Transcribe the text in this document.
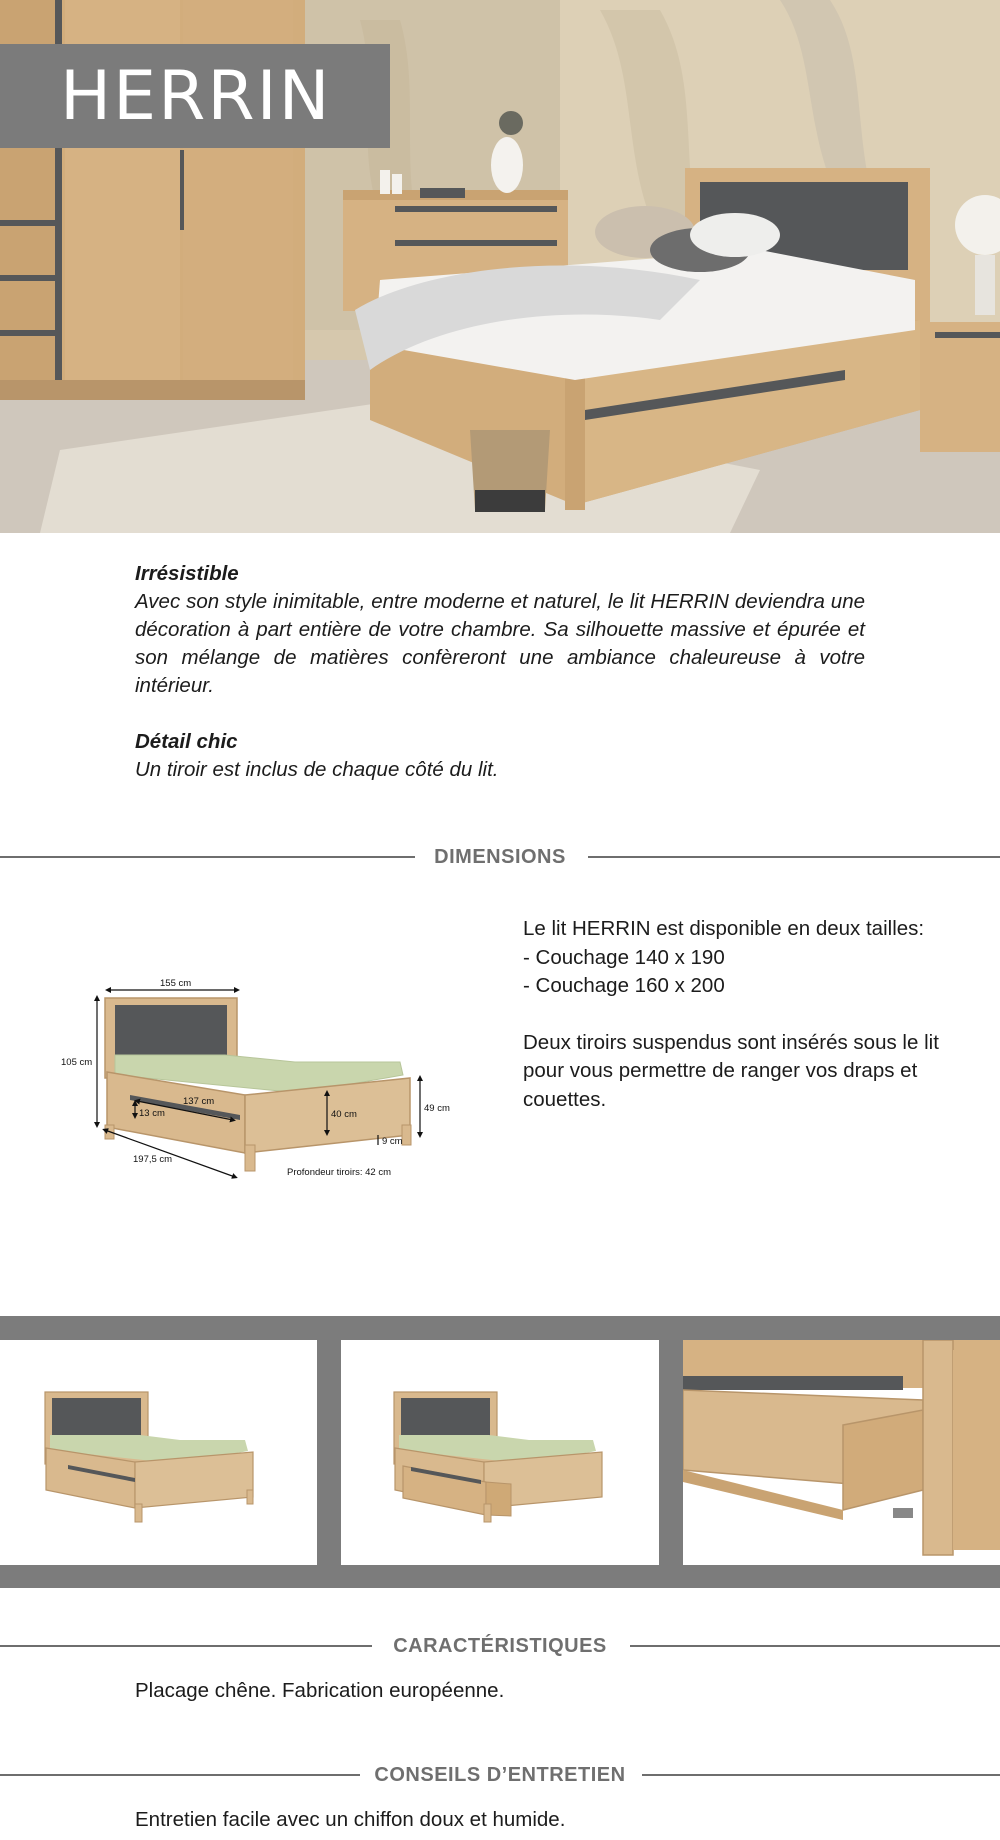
HERRIN
Irrésistible

Avec son style inimitable, entre moderne et naturel, le lit HERRIN deviendra une décoration à part entière de votre chambre. Sa silhouette massive et épurée et son mélange de matières confèreront une ambiance chaleureuse à votre intérieur.

Détail chic

Un tiroir est inclus de chaque côté du lit.

DIMENSIONS
155 cm
105 cm
197,5 cm
137 cm
13 cm	40 cm
49 cm
9 cm
Profondeur tiroirs: 42 cm
Le lit HERRIN est disponible en deux tailles:
- Couchage 140 x 190
- Couchage 160 x 200
Deux tiroirs suspendus sont insérés sous le lit pour vous permettre de ranger vos draps et couettes.
CARACTÉRISTIQUES
Placage chêne. Fabrication européenne.
CONSEILS D’ENTRETIEN
Entretien facile avec un chiffon doux et humide.
